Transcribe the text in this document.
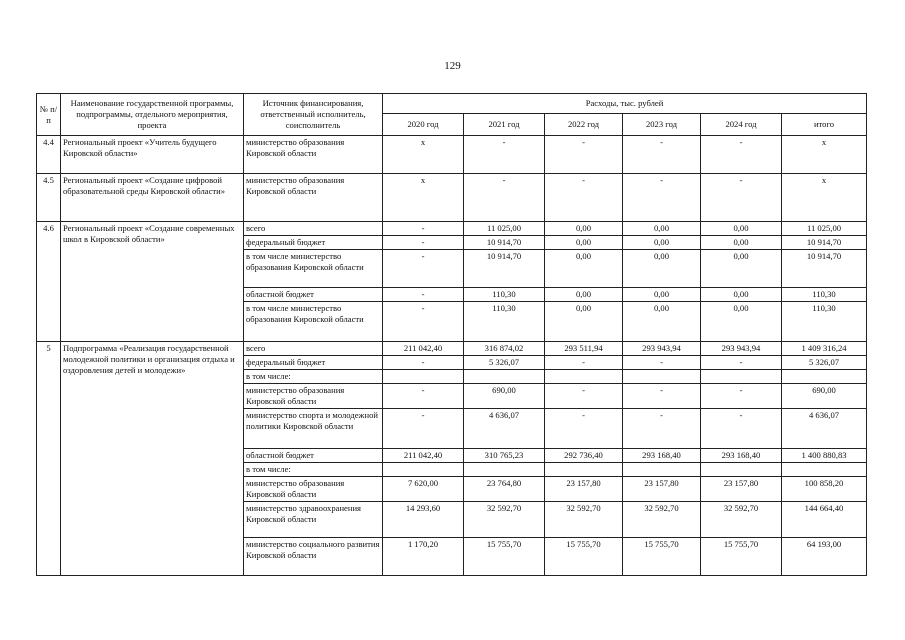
129
№ п/п	Наименование государственной программы, подпрограммы, отдельного мероприятия, проекта	Источник финансирования, ответственный исполнитель, соисполнитель	Расходы, тыс. рублей					
			2020 год	2021 год	2022 год	2023 год	2024 год	итого
4.4	Региональный проект «Учитель будущего Кировской области»	министерство образования Кировской области	x	-	-	-	-	x
4.5	Региональный проект «Создание цифровой образовательной среды Кировской области»	министерство образования Кировской области	x	-	-	-	-	x
4.6	Региональный проект «Создание современных школ в Кировской области»	всего	-	11 025,00	0,00	0,00	0,00	11 025,00
		федеральный бюджет	-	10 914,70	0,00	0,00	0,00	10 914,70
		в том числе министерство образования Кировской области	-	10 914,70	0,00	0,00	0,00	10 914,70
		областной бюджет	-	110,30	0,00	0,00	0,00	110,30
		в том числе министерство образования Кировской области	-	110,30	0,00	0,00	0,00	110,30
5	Подпрограмма «Реализация государственной молодежной политики и организация отдыха и оздоровления детей и молодежи»	всего	211 042,40	316 874,02	293 511,94	293 943,94	293 943,94	1 409 316,24
		федеральный бюджет	-	5 326,07	-	-	-	5 326,07
		в том числе:						
		министерство образования Кировской области	-	690,00	-	-	-	690,00
		министерство спорта и молодежной политики Кировской области	-	4 636,07	-	-	-	4 636,07
		областной бюджет	211 042,40	310 765,23	292 736,40	293 168,40	293 168,40	1 400 880,83
		в том числе:						
		министерство образования Кировской области	7 620,00	23 764,80	23 157,80	23 157,80	23 157,80	100 858,20
		министерство здравоохранения Кировской области	14 293,60	32 592,70	32 592,70	32 592,70	32 592,70	144 664,40
		министерство социального развития Кировской области	1 170,20	15 755,70	15 755,70	15 755,70	15 755,70	64 193,00
